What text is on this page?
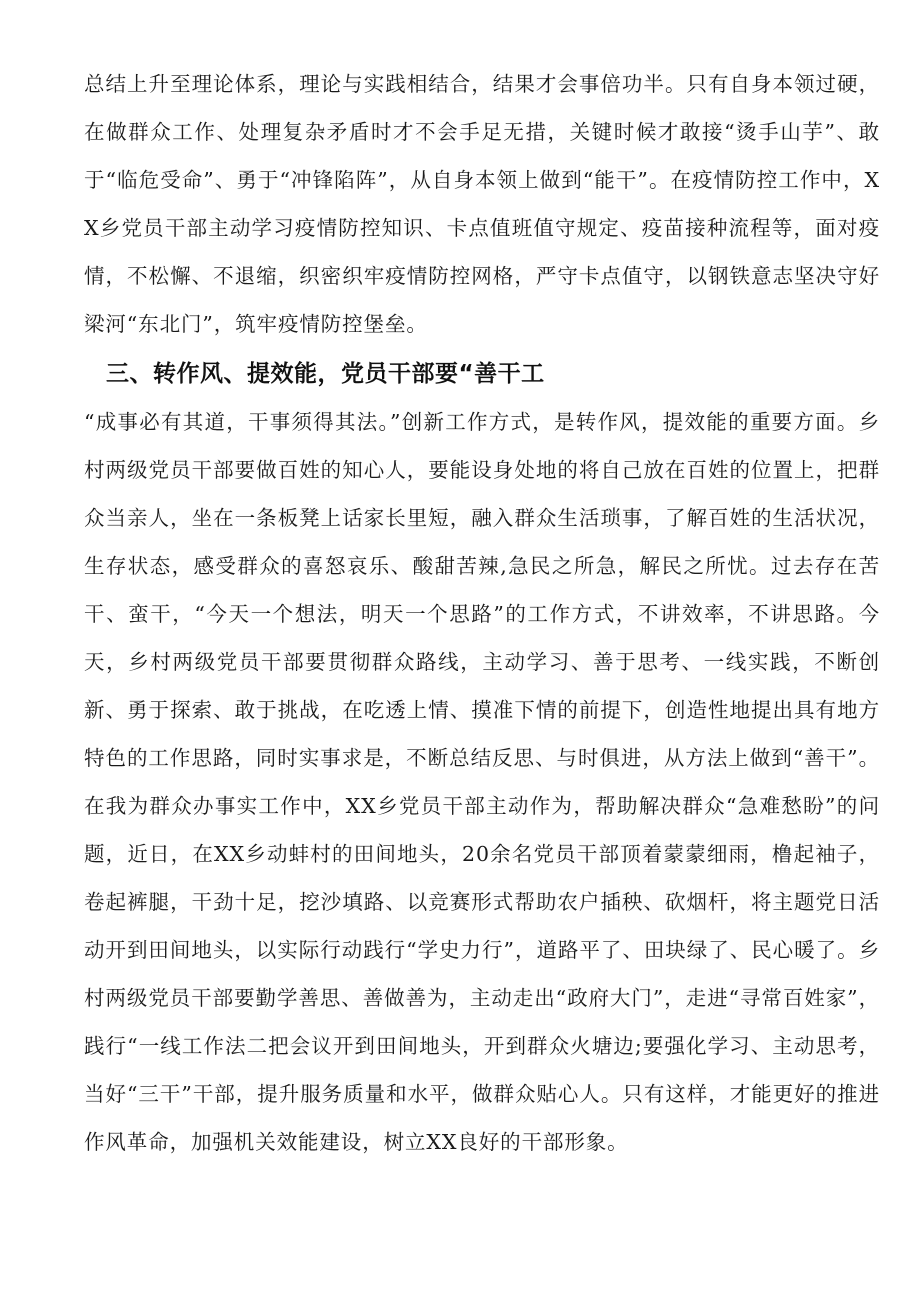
总结上升至理论体系，理论与实践相结合，结果才会事倍功半。只有自身本领过硬，在做群众工作、处理复杂矛盾时才不会手足无措，关键时候才敢接“烫手山芋”、敢于“临危受命”、勇于“冲锋陷阵”，从自身本领上做到“能干”。在疫情防控工作中，XX乡党员干部主动学习疫情防控知识、卡点值班值守规定、疫苗接种流程等，面对疫情，不松懈、不退缩，织密织牢疫情防控网格，严守卡点值守，以钢铁意志坚决守好梁河“东北门”，筑牢疫情防控堡垒。

三、转作风、提效能，党员干部要“善干工

“成事必有其道，干事须得其法。”创新工作方式，是转作风，提效能的重要方面。乡村两级党员干部要做百姓的知心人，要能设身处地的将自己放在百姓的位置上，把群众当亲人，坐在一条板凳上话家长里短，融入群众生活琐事，了解百姓的生活状况，生存状态，感受群众的喜怒哀乐、酸甜苦辣,急民之所急，解民之所忧。过去存在苦干、蛮干，“今天一个想法，明天一个思路”的工作方式，不讲效率，不讲思路。今天，乡村两级党员干部要贯彻群众路线，主动学习、善于思考、一线实践，不断创新、勇于探索、敢于挑战，在吃透上情、摸准下情的前提下，创造性地提出具有地方特色的工作思路，同时实事求是，不断总结反思、与时俱进，从方法上做到“善干”。在我为群众办事实工作中，XX乡党员干部主动作为，帮助解决群众“急难愁盼”的问题，近日，在XX乡动蚌村的田间地头，20余名党员干部顶着蒙蒙细雨，橹起袖子，卷起裤腿，干劲十足，挖沙填路、以竞赛形式帮助农户插秧、砍烟杆，将主题党日活动开到田间地头，以实际行动践行“学史力行”，道路平了、田块绿了、民心暖了。乡村两级党员干部要勤学善思、善做善为，主动走出“政府大门”，走进“寻常百姓家”，践行“一线工作法二把会议开到田间地头，开到群众火塘边;要强化学习、主动思考，当好“三干”干部，提升服务质量和水平，做群众贴心人。只有这样，才能更好的推进作风革命，加强机关效能建设，树立XX良好的干部形象。
